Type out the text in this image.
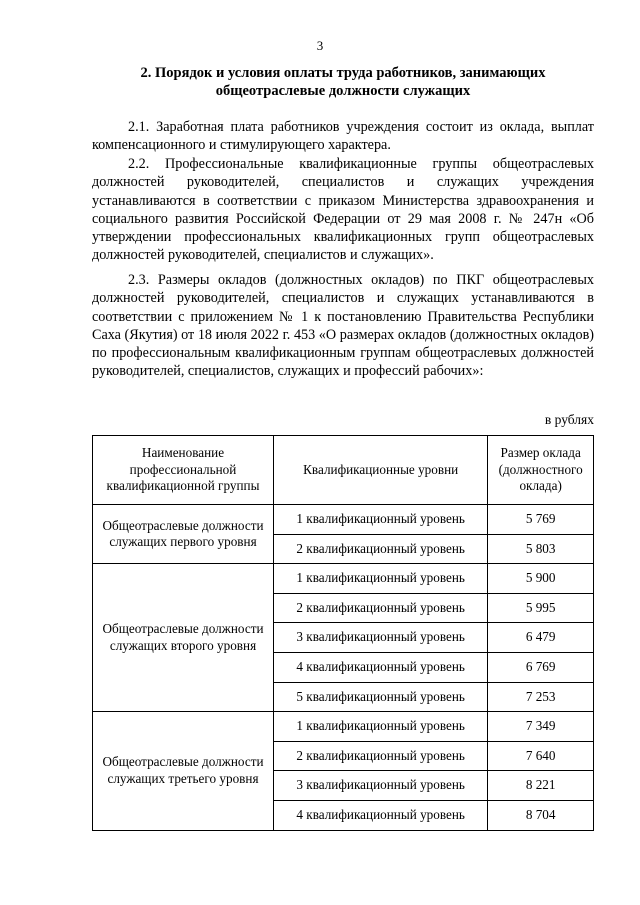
3
2. Порядок и условия оплаты труда работников, занимающих
общеотраслевые должности служащих

2.1. Заработная плата работников учреждения состоит из оклада, выплат компенсационного и стимулирующего характера.

2.2. Профессиональные квалификационные группы общеотраслевых должностей руководителей, специалистов и служащих учреждения устанавливаются в соответствии с приказом Министерства здравоохранения и социального развития Российской Федерации от 29 мая 2008 г. № 247н «Об утверждении профессиональных квалификационных групп общеотраслевых должностей руководителей, специалистов и служащих».

2.3. Размеры окладов (должностных окладов) по ПКГ общеотраслевых должностей руководителей, специалистов и служащих устанавливаются в соответствии с приложением № 1 к постановлению Правительства Республики Саха (Якутия) от 18 июля 2022 г. 453 «О размерах окладов (должностных окладов) по профессиональным квалификационным группам общеотраслевых должностей руководителей, специалистов, служащих и профессий рабочих»:

в рублях
Наименование профессиональной квалификационной группы	Квалификационные уровни	Размер оклада (должностного оклада)
Общеотраслевые должности служащих первого уровня	1 квалификационный уровень	5 769
	2 квалификационный уровень	5 803
Общеотраслевые должности служащих второго уровня	1 квалификационный уровень	5 900
	2 квалификационный уровень	5 995
	3 квалификационный уровень	6 479
	4 квалификационный уровень	6 769
	5 квалификационный уровень	7 253
Общеотраслевые должности служащих третьего уровня	1 квалификационный уровень	7 349
	2 квалификационный уровень	7 640
	3 квалификационный уровень	8 221
	4 квалификационный уровень	8 704
